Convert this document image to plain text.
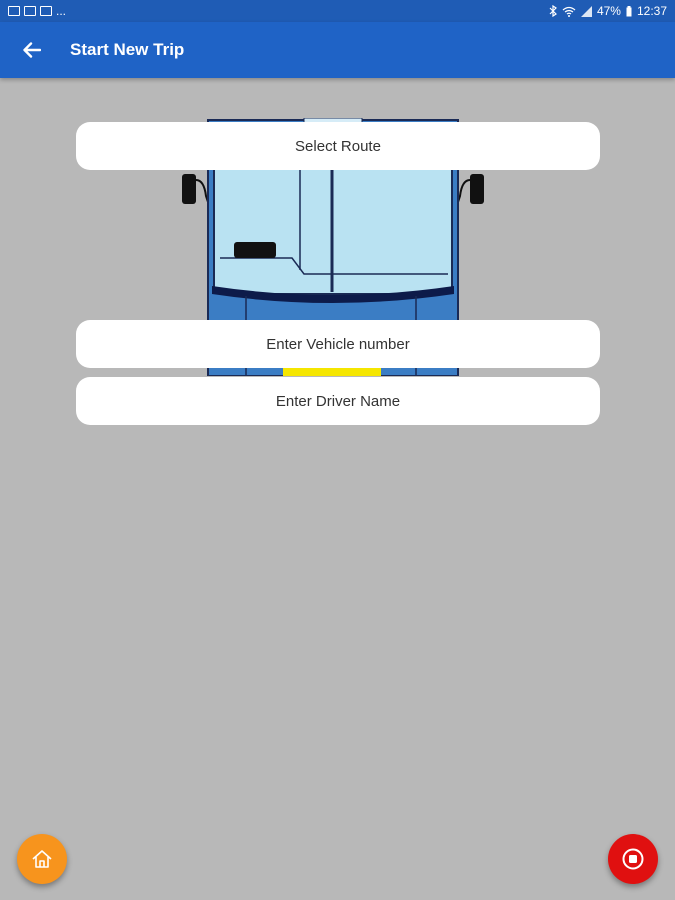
...	47% 12:37
Start New Trip
Select Route
Enter Vehicle number
Enter Driver Name
